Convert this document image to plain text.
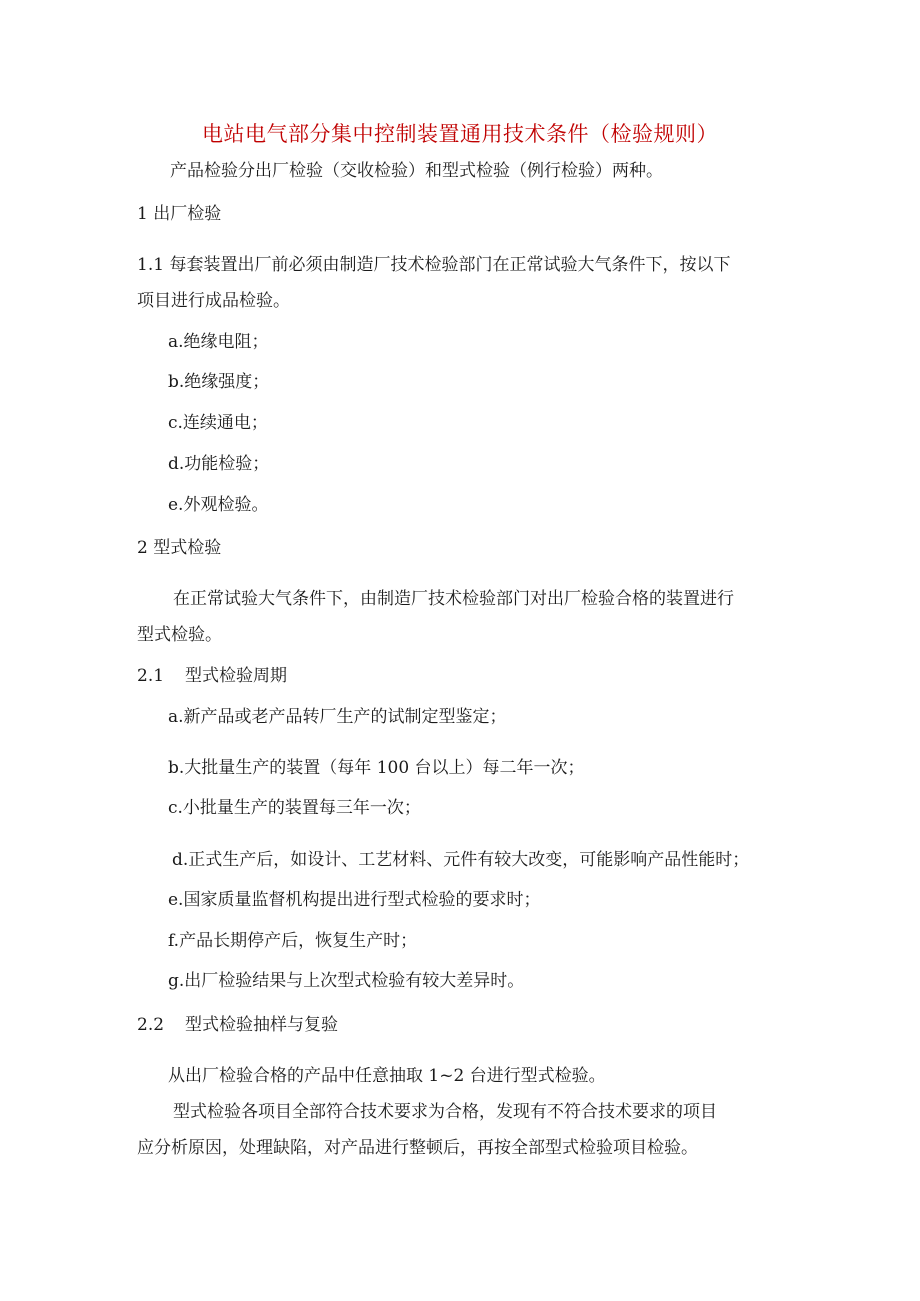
电站电气部分集中控制装置通用技术条件（检验规则）
产品检验分出厂检验（交收检验）和型式检验（例行检验）两种。
1 出厂检验
1.1 每套装置出厂前必须由制造厂技术检验部门在正常试验大气条件下，按以下
项目进行成品检验。
a.绝缘电阻；
b.绝缘强度；
c.连续通电；
d.功能检验；
e.外观检验。
2 型式检验
在正常试验大气条件下，由制造厂技术检验部门对出厂检验合格的装置进行
型式检验。
2.1 型式检验周期
a.新产品或老产品转厂生产的试制定型鉴定；
b.大批量生产的装置（每年 100 台以上）每二年一次；
c.小批量生产的装置每三年一次；
d.正式生产后，如设计、工艺材料、元件有较大改变，可能影响产品性能时；
e.国家质量监督机构提出进行型式检验的要求时；
f.产品长期停产后，恢复生产时；
g.出厂检验结果与上次型式检验有较大差异时。
2.2 型式检验抽样与复验
从出厂检验合格的产品中任意抽取 1~2 台进行型式检验。
型式检验各项目全部符合技术要求为合格，发现有不符合技术要求的项目
应分析原因，处理缺陷，对产品进行整顿后，再按全部型式检验项目检验。
